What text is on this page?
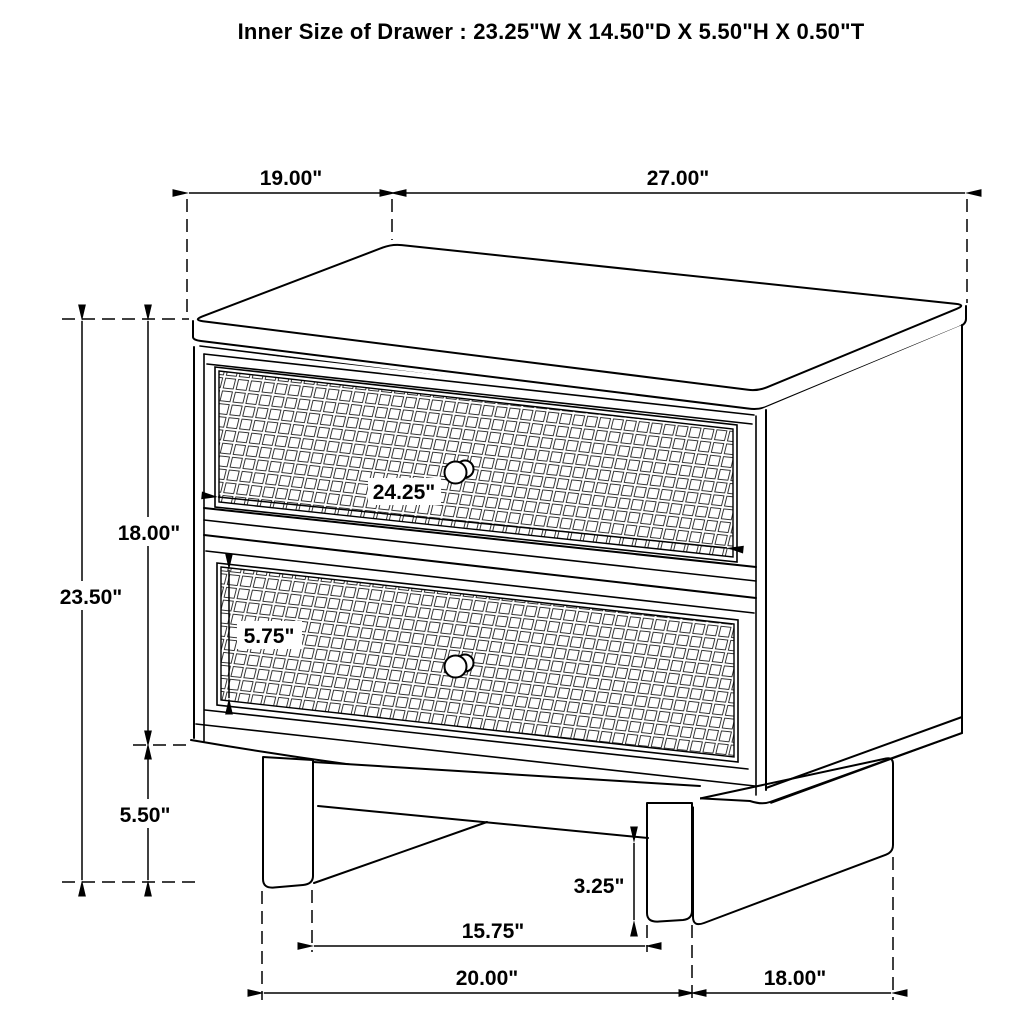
19.00"	27.00"
23.50"
18.00"
5.50"
24.25"
5.75"
3.25"
15.75"
20.00"	18.00"
Inner Size of Drawer : 23.25"W X 14.50"D X 5.50"H X 0.50"T
